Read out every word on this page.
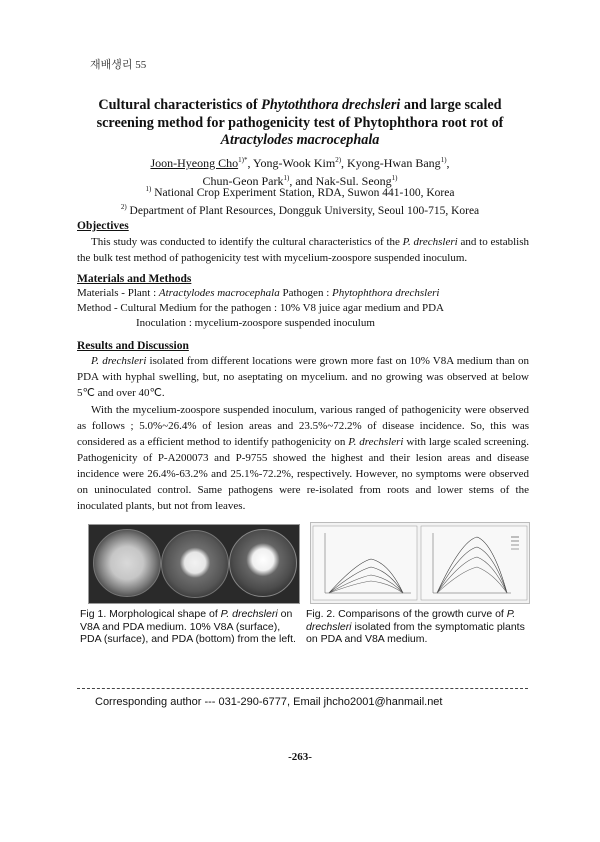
재배생리 55
Cultural characteristics of Phytoththora drechsleri and large scaled
screening method for pathogenicity test of Phytophthora root rot of
Atractylodes macrocephala
Joon-Hyeong Cho$^{1)*}$, Yong-Wook Kim$^{2)}$, Kyong-Hwan Bang$^{1)}$,
Chun-Geon Park$^{1)}$, and Nak-Sul. Seong$^{1)}$
$^{1)}$ National Crop Experiment Station, RDA, Suwon 441-100, Korea
$^{2)}$ Department of Plant Resources, Dongguk University, Seoul 100-715, Korea
Objectives
This study was conducted to identify the cultural characteristics of the P. drechsleri and to establish the bulk test method of pathogenicity test with mycelium-zoospore suspended inoculum.
Materials and Methods
Materials - Plant : Atractylodes macrocephala Pathogen : Phytophthora drechsleri
Method - Cultural Medium for the pathogen : 10% V8 juice agar medium and PDA
Inoculation : mycelium-zoospore suspended inoculum
Results and Discussion
P. drechsleri isolated from different locations were grown more fast on 10% V8A medium than on PDA with hyphal swelling, but, no aseptating on mycelium. and no growing was observed at below 5℃ and over 40℃.
With the mycelium-zoospore suspended inoculum, various ranged of pathogenicity were observed as follows ; 5.0%~26.4% of lesion areas and 23.5%~72.2% of disease incidence. So, this was considered as a efficient method to identify pathogenicity on P. drechsleri with large scaled screening. Pathogenicity of P-A200073 and P-9755 showed the highest and their lesion areas and disease incidence were 26.4%-63.2% and 25.1%-72.2%, respectively. However, no symptoms were observed on uninoculated control. Same pathogens were re-isolated from roots and lower stems of the inoculated plants, but not from leaves.
Fig 1. Morphological shape of P. drechsleri on V8A and PDA medium. 10% V8A (surface), PDA (surface), and PDA (bottom) from the left.
Fig. 2. Comparisons of the growth curve of P. drechsleri isolated from the symptomatic plants on PDA and V8A medium.
Corresponding author --- 031-290-6777, Email jhcho2001@hanmail.net
-263-
